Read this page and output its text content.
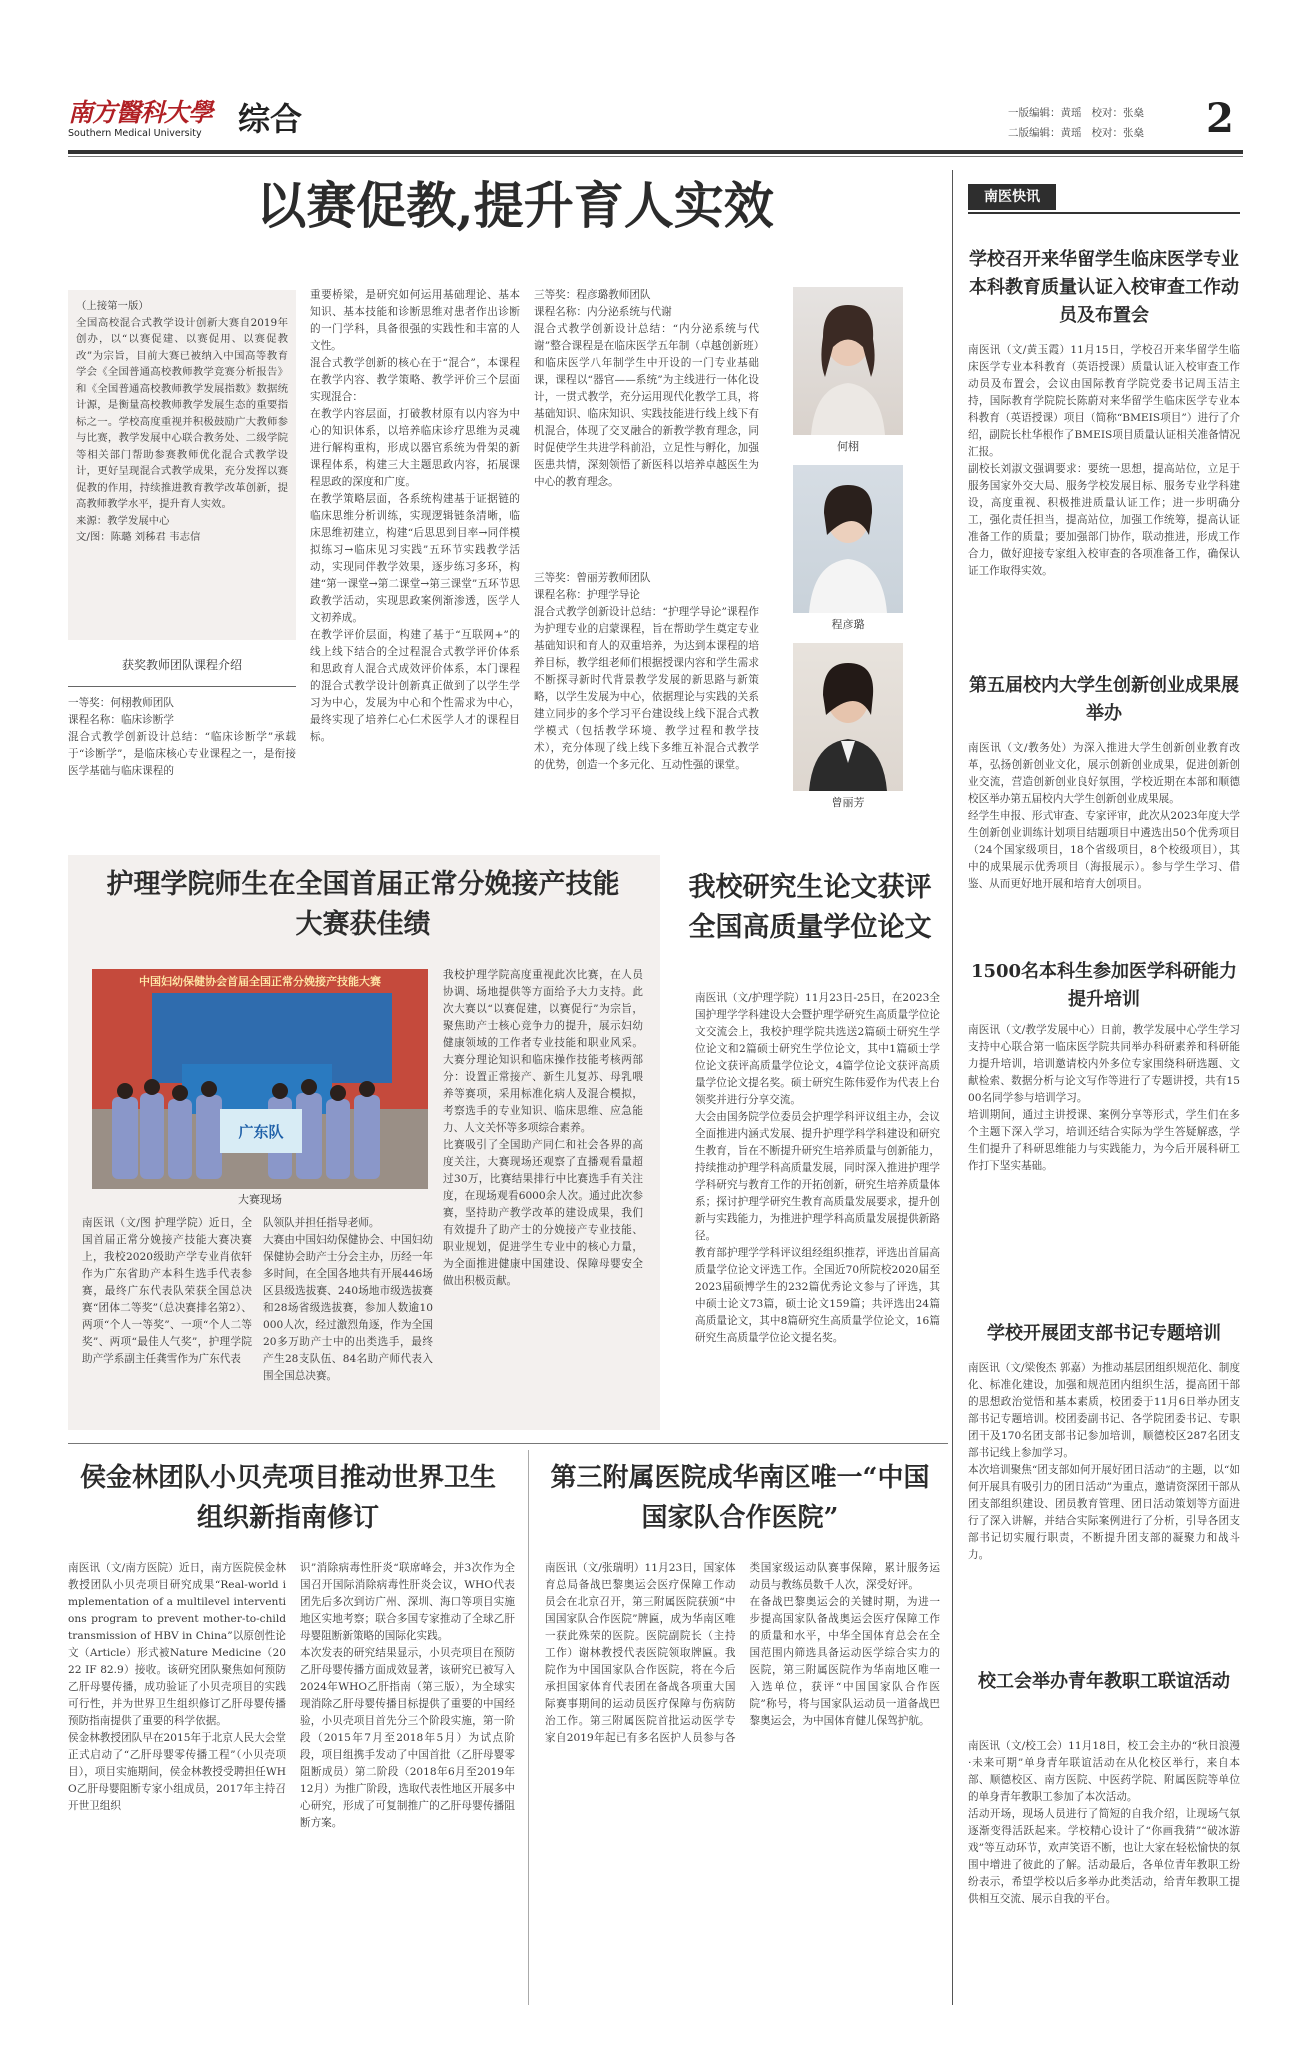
南方醫科大學
Southern Medical University	综合	一版编辑：黄瑶 校对：张燊
二版编辑：黄瑶 校对：张燊	2
以赛促教,提升育人实效
（上接第一版）
全国高校混合式教学设计创新大赛自2019年创办，以“以赛促建、以赛促用、以赛促教改”为宗旨，目前大赛已被纳入中国高等教育学会《全国普通高校教师教学竞赛分析报告》和《全国普通高校教师教学发展指数》数据统计源，是衡量高校教师教学发展生态的重要指标之一。学校高度重视并积极鼓励广大教师参与比赛，教学发展中心联合教务处、二级学院等相关部门帮助参赛教师优化混合式教学设计，更好呈现混合式教学成果，充分发挥以赛促教的作用，持续推进教育教学改革创新，提高教师教学水平，提升育人实效。
来源：教学发展中心
文/图：陈璐 刘秭君 韦志信
获奖教师团队课程介绍
一等奖：何栩教师团队
课程名称：临床诊断学
混合式教学创新设计总结：“临床诊断学”承载于“诊断学”，是临床核心专业课程之一，是衔接医学基础与临床课程的
重要桥梁，是研究如何运用基础理论、基本知识、基本技能和诊断思维对患者作出诊断的一门学科，具备很强的实践性和丰富的人文性。
混合式教学创新的核心在于“混合”，本课程在教学内容、教学策略、教学评价三个层面实现混合：
在教学内容层面，打破教材原有以内容为中心的知识体系，以培养临床诊疗思维为灵魂进行解构重构，形成以器官系统为骨架的新课程体系，构建三大主题思政内容，拓展课程思政的深度和广度。
在教学策略层面，各系统构建基于证据链的临床思维分析训练，实现逻辑链条清晰，临床思维初建立，构建“后思思到目率→同伴模拟练习→临床见习实践”五环节实践教学活动，实现同伴教学效果，逐步练习多环，构建“第一课堂→第二课堂→第三课堂”五环节思政教学活动，实现思政案例渐渗透，医学人文初养成。
在教学评价层面，构建了基于“互联网+”的线上线下结合的全过程混合式教学评价体系和思政育人混合式成效评价体系，本门课程的混合式教学设计创新真正做到了以学生学习为中心，发展为中心和个性需求为中心，最终实现了培养仁心仁术医学人才的课程目标。
三等奖：程彦璐教师团队
课程名称：内分泌系统与代谢
混合式教学创新设计总结：“内分泌系统与代谢”整合课程是在临床医学五年制（卓越创新班）和临床医学八年制学生中开设的一门专业基础课，课程以“器官——系统”为主线进行一体化设计，一贯式教学，充分运用现代化教学工具，将基础知识、临床知识、实践技能进行线上线下有机混合，体现了交叉融合的新教学教育理念，同时促使学生共进学科前沿，立足性与孵化，加强医患共情，深刻领悟了新医科以培养卓越医生为中心的教育理念。
三等奖：曾丽芳教师团队
课程名称：护理学导论
混合式教学创新设计总结：“护理学导论”课程作为护理专业的启蒙课程，旨在帮助学生奠定专业基础知识和育人的双重培养，为达到本课程的培养目标，教学组老师们根据授课内容和学生需求不断探寻新时代背景教学发展的新思路与新策略，以学生发展为中心，依据理论与实践的关系建立同步的多个学习平台建设线上线下混合式教学模式（包括教学环境、教学过程和教学技术），充分体现了线上线下多维互补混合式教学的优势，创造一个多元化、互动性强的课堂。
何栩
程彦璐
曾丽芳
护理学院师生在全国首届正常分娩接产技能大赛获佳绩
中国妇幼保健协会首届全国正常分娩接产技能大赛
广东队
大赛现场
我校护理学院高度重视此次比赛，在人员协调、场地提供等方面给予大力支持。此次大赛以“以赛促建，以赛促行”为宗旨，聚焦助产士核心竞争力的提升，展示妇幼健康领域的工作者专业技能和职业风采。大赛分理论知识和临床操作技能考核两部分：设置正常接产、新生儿复苏、母乳喂养等赛项，采用标准化病人及混合模拟，考察选手的专业知识、临床思维、应急能力、人文关怀等多项综合素养。
比赛吸引了全国助产同仁和社会各界的高度关注，大赛现场还观察了直播观看量超过30万，比赛结果排行中比赛选手有关注度，在现场观看6000余人次。通过此次参赛，坚持助产教学改革的建设成果，我们有效提升了助产士的分娩接产专业技能、职业规划，促进学生专业中的核心力量，为全面推进健康中国建设、保障母婴安全做出积极贡献。
南医讯（文/图 护理学院）近日，全国首届正常分娩接产技能大赛决赛上，我校2020级助产学专业肖依轩作为广东省助产本科生选手代表参赛，最终广东代表队荣获全国总决赛“团体二等奖”（总决赛排名第2）、两项“个人一等奖”、一项“个人二等奖”、两项“最佳人气奖”，护理学院助产学系副主任龚雪作为广东代表
队领队并担任指导老师。
大赛由中国妇幼保健协会、中国妇幼保健协会助产士分会主办，历经一年多时间，在全国各地共有开展446场区县级选拔赛、240场地市级选拔赛和28场省级选拔赛，参加人数逾10000人次，经过激烈角逐，作为全国20多万助产士中的出类选手，最终产生28支队伍、84名助产师代表入围全国总决赛。
我校研究生论文获评全国高质量学位论文
南医讯（文/护理学院）11月23日-25日，在2023全国护理学学科建设大会暨护理学研究生高质量学位论文交流会上，我校护理学院共选送2篇硕士研究生学位论文和2篇硕士研究生学位论文，其中1篇硕士学位论文获评高质量学位论文，4篇学位论文获评高质量学位论文提名奖。硕士研究生陈伟爱作为代表上台领奖并进行分享交流。
大会由国务院学位委员会护理学科评议组主办，会议全面推进内涵式发展、提升护理学科学科建设和研究生教育，旨在不断提升研究生培养质量与创新能力，持续推动护理学科高质量发展，同时深入推进护理学学科研究与教育工作的开拓创新，研究生培养质量体系；探讨护理学研究生教育高质量发展要求，提升创新与实践能力，为推进护理学科高质量发展提供新路径。
教育部护理学学科评议组经组织推荐，评选出首届高质量学位论文评选工作。全国近70所院校2020届至2023届硕博学生的232篇优秀论文参与了评选，其中硕士论文73篇，硕士论文159篇；共评选出24篇高质量论文，其中8篇研究生高质量学位论文，16篇研究生高质量学位论文提名奖。
侯金林团队小贝壳项目推动世界卫生组织新指南修订
南医讯（文/南方医院）近日，南方医院侯金林教授团队小贝壳项目研究成果“Real-world implementation of a multilevel interventions program to prevent mother-to-child transmission of HBV in China”以原创性论文（Article）形式被Nature Medicine（2022 IF 82.9）接收。该研究团队聚焦如何预防乙肝母婴传播，成功验证了小贝壳项目的实践可行性，并为世界卫生组织修订乙肝母婴传播预防指南提供了重要的科学依据。
侯金林教授团队早在2015年于北京人民大会堂正式启动了“乙肝母婴零传播工程”（小贝壳项目），项目实施期间，侯金林教授受聘担任WHO乙肝母婴阻断专家小组成员，2017年主持召开世卫组织
识”消除病毒性肝炎“联席峰会，并3次作为全国召开国际消除病毒性肝炎会议，WHO代表团先后多次到访广州、深圳、海口等项目实施地区实地考察；联合多国专家推动了全球乙肝母婴阻断新策略的国际化实践。
本次发表的研究结果显示，小贝壳项目在预防乙肝母婴传播方面成效显著，该研究已被写入2024年WHO乙肝指南（第三版），为全球实现消除乙肝母婴传播目标提供了重要的中国经验，小贝壳项目首先分三个阶段实施，第一阶段（2015年7月至2018年5月）为试点阶段，项目组携手发动了中国首批（乙肝母婴零阻断成员）第二阶段（2018年6月至2019年12月）为推广阶段，选取代表性地区开展多中心研究，形成了可复制推广的乙肝母婴传播阻断方案。
第三附属医院成华南区唯一“中国国家队合作医院”
南医讯（文/张瑞明）11月23日，国家体育总局备战巴黎奥运会医疗保障工作动员会在北京召开，第三附属医院获颁“中国国家队合作医院”牌匾，成为华南区唯一获此殊荣的医院。医院副院长（主持工作）谢林教授代表医院领取牌匾。我院作为中国国家队合作医院，将在今后承担国家体育代表团在备战各项重大国际赛事期间的运动员医疗保障与伤病防治工作。第三附属医院首批运动医学专家自2019年起已有多名医护人员参与各类国家级运动队赛事保障，累计服务运动员与教练员数千人次，深受好评。
在备战巴黎奥运会的关键时期，为进一步提高国家队备战奥运会医疗保障工作的质量和水平，中华全国体育总会在全国范围内筛选具备运动医学综合实力的医院，第三附属医院作为华南地区唯一入选单位，获评“中国国家队合作医院”称号，将与国家队运动员一道备战巴黎奥运会，为中国体育健儿保驾护航。
南医快讯
学校召开来华留学生临床医学专业本科教育质量认证入校审查工作动员及布置会
南医讯（文/黄玉霞）11月15日，学校召开来华留学生临床医学专业本科教育（英语授课）质量认证入校审查工作动员及布置会，会议由国际教育学院党委书记周玉洁主持，国际教育学院院长陈蔚对来华留学生临床医学专业本科教育（英语授课）项目（简称“BMEIS项目”）进行了介绍，副院长杜华根作了BMEIS项目质量认证相关准备情况汇报。
副校长刘淑文强调要求：要统一思想，提高站位，立足于服务国家外交大局、服务学校发展目标、服务专业学科建设，高度重视、积极推进质量认证工作；进一步明确分工，强化责任担当，提高站位，加强工作统筹，提高认证准备工作的质量；要加强部门协作，联动推进，形成工作合力，做好迎接专家组入校审查的各项准备工作，确保认证工作取得实效。
第五届校内大学生创新创业成果展举办
南医讯（文/教务处）为深入推进大学生创新创业教育改革，弘扬创新创业文化，展示创新创业成果，促进创新创业交流，营造创新创业良好氛围，学校近期在本部和顺德校区举办第五届校内大学生创新创业成果展。
经学生申报、形式审查、专家评审，此次从2023年度大学生创新创业训练计划项目结题项目中遴选出50个优秀项目（24个国家级项目，18个省级项目，8个校级项目），其中的成果展示优秀项目（海报展示）。参与学生学习、借鉴、从而更好地开展和培育大创项目。
1500名本科生参加医学科研能力提升培训
南医讯（文/教学发展中心）日前，教学发展中心学生学习支持中心联合第一临床医学院共同举办科研素养和科研能力提升培训，培训邀请校内外多位专家围绕科研选题、文献检索、数据分析与论文写作等进行了专题讲授，共有1500名同学参与培训学习。
培训期间，通过主讲授课、案例分享等形式，学生们在多个主题下深入学习，培训还结合实际为学生答疑解惑，学生们提升了科研思维能力与实践能力，为今后开展科研工作打下坚实基础。
学校开展团支部书记专题培训
南医讯（文/梁俊杰 郭嘉）为推动基层团组织规范化、制度化、标准化建设，加强和规范团内组织生活，提高团干部的思想政治觉悟和基本素质，校团委于11月6日举办团支部书记专题培训。校团委副书记、各学院团委书记、专职团干及170名团支部书记参加培训，顺德校区287名团支部书记线上参加学习。
本次培训聚焦“团支部如何开展好团日活动”的主题，以“如何开展具有吸引力的团日活动”为重点，邀请资深团干部从团支部组织建设、团员教育管理、团日活动策划等方面进行了深入讲解，并结合实际案例进行了分析，引导各团支部书记切实履行职责，不断提升团支部的凝聚力和战斗力。
校工会举办青年教职工联谊活动
南医讯（文/校工会）11月18日，校工会主办的“秋日浪漫·未来可期”单身青年联谊活动在从化校区举行，来自本部、顺德校区、南方医院、中医药学院、附属医院等单位的单身青年教职工参加了本次活动。
活动开场，现场人员进行了简短的自我介绍，让现场气氛逐渐变得活跃起来。学校精心设计了“你画我猜”“破冰游戏”等互动环节，欢声笑语不断，也让大家在轻松愉快的氛围中增进了彼此的了解。活动最后，各单位青年教职工纷纷表示，希望学校以后多举办此类活动，给青年教职工提供相互交流、展示自我的平台。
